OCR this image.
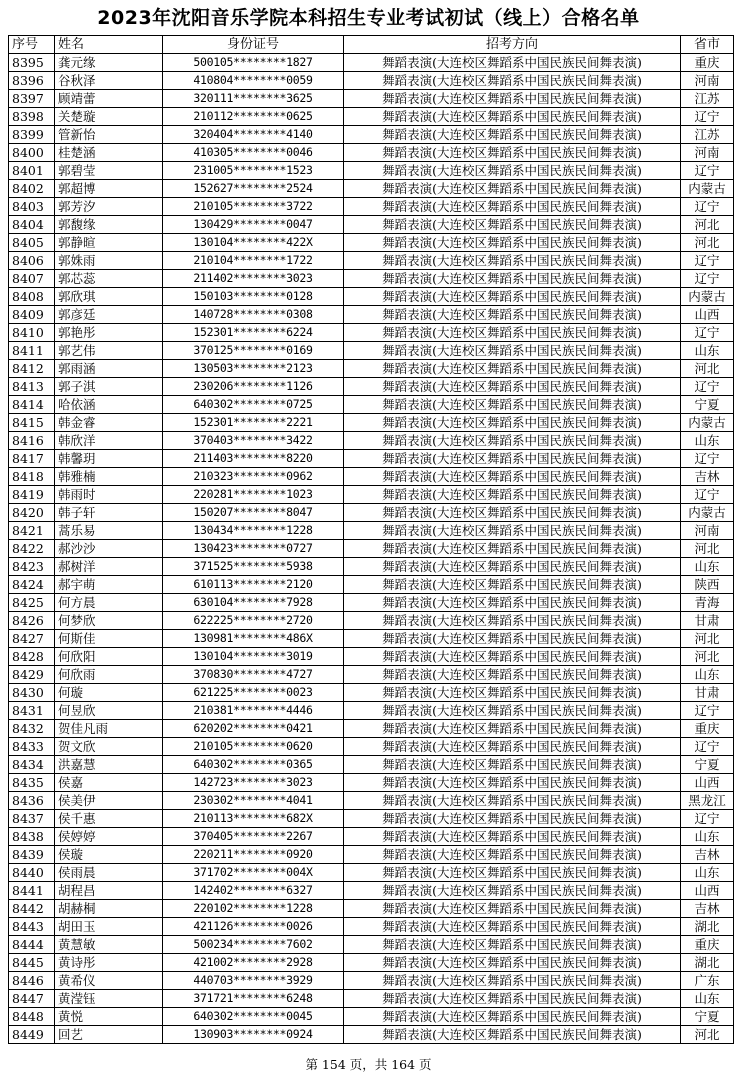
2023年沈阳音乐学院本科招生专业考试初试（线上）合格名单
序号	姓名	身份证号	招考方向	省市
8395	龚元缘	500105********1827	舞蹈表演(大连校区舞蹈系中国民族民间舞表演)	重庆
8396	谷秋泽	410804********0059	舞蹈表演(大连校区舞蹈系中国民族民间舞表演)	河南
8397	顾靖蕾	320111********3625	舞蹈表演(大连校区舞蹈系中国民族民间舞表演)	江苏
8398	关楚璇	210112********0625	舞蹈表演(大连校区舞蹈系中国民族民间舞表演)	辽宁
8399	管新怡	320404********4140	舞蹈表演(大连校区舞蹈系中国民族民间舞表演)	江苏
8400	桂楚涵	410305********0046	舞蹈表演(大连校区舞蹈系中国民族民间舞表演)	河南
8401	郭碧莹	231005********1523	舞蹈表演(大连校区舞蹈系中国民族民间舞表演)	辽宁
8402	郭超博	152627********2524	舞蹈表演(大连校区舞蹈系中国民族民间舞表演)	内蒙古
8403	郭芳汐	210105********3722	舞蹈表演(大连校区舞蹈系中国民族民间舞表演)	辽宁
8404	郭馥缘	130429********0047	舞蹈表演(大连校区舞蹈系中国民族民间舞表演)	河北
8405	郭静暄	130104********422X	舞蹈表演(大连校区舞蹈系中国民族民间舞表演)	河北
8406	郭姝雨	210104********1722	舞蹈表演(大连校区舞蹈系中国民族民间舞表演)	辽宁
8407	郭芯蕊	211402********3023	舞蹈表演(大连校区舞蹈系中国民族民间舞表演)	辽宁
8408	郭欣琪	150103********0128	舞蹈表演(大连校区舞蹈系中国民族民间舞表演)	内蒙古
8409	郭彦廷	140728********0308	舞蹈表演(大连校区舞蹈系中国民族民间舞表演)	山西
8410	郭艳彤	152301********6224	舞蹈表演(大连校区舞蹈系中国民族民间舞表演)	辽宁
8411	郭艺伟	370125********0169	舞蹈表演(大连校区舞蹈系中国民族民间舞表演)	山东
8412	郭雨涵	130503********2123	舞蹈表演(大连校区舞蹈系中国民族民间舞表演)	河北
8413	郭子淇	230206********1126	舞蹈表演(大连校区舞蹈系中国民族民间舞表演)	辽宁
8414	哈依涵	640302********0725	舞蹈表演(大连校区舞蹈系中国民族民间舞表演)	宁夏
8415	韩金睿	152301********2221	舞蹈表演(大连校区舞蹈系中国民族民间舞表演)	内蒙古
8416	韩欣洋	370403********3422	舞蹈表演(大连校区舞蹈系中国民族民间舞表演)	山东
8417	韩馨玥	211403********8220	舞蹈表演(大连校区舞蹈系中国民族民间舞表演)	辽宁
8418	韩雅楠	210323********0962	舞蹈表演(大连校区舞蹈系中国民族民间舞表演)	吉林
8419	韩雨时	220281********1023	舞蹈表演(大连校区舞蹈系中国民族民间舞表演)	辽宁
8420	韩子轩	150207********8047	舞蹈表演(大连校区舞蹈系中国民族民间舞表演)	内蒙古
8421	蒿乐易	130434********1228	舞蹈表演(大连校区舞蹈系中国民族民间舞表演)	河南
8422	郝沙沙	130423********0727	舞蹈表演(大连校区舞蹈系中国民族民间舞表演)	河北
8423	郝树洋	371525********5938	舞蹈表演(大连校区舞蹈系中国民族民间舞表演)	山东
8424	郝宇萌	610113********2120	舞蹈表演(大连校区舞蹈系中国民族民间舞表演)	陕西
8425	何方晨	630104********7928	舞蹈表演(大连校区舞蹈系中国民族民间舞表演)	青海
8426	何梦欣	622225********2720	舞蹈表演(大连校区舞蹈系中国民族民间舞表演)	甘肃
8427	何斯佳	130981********486X	舞蹈表演(大连校区舞蹈系中国民族民间舞表演)	河北
8428	何欣阳	130104********3019	舞蹈表演(大连校区舞蹈系中国民族民间舞表演)	河北
8429	何欣雨	370830********4727	舞蹈表演(大连校区舞蹈系中国民族民间舞表演)	山东
8430	何璇	621225********0023	舞蹈表演(大连校区舞蹈系中国民族民间舞表演)	甘肃
8431	何昱欣	210381********4446	舞蹈表演(大连校区舞蹈系中国民族民间舞表演)	辽宁
8432	贺佳凡雨	620202********0421	舞蹈表演(大连校区舞蹈系中国民族民间舞表演)	重庆
8433	贺文欣	210105********0620	舞蹈表演(大连校区舞蹈系中国民族民间舞表演)	辽宁
8434	洪嘉慧	640302********0365	舞蹈表演(大连校区舞蹈系中国民族民间舞表演)	宁夏
8435	侯嘉	142723********3023	舞蹈表演(大连校区舞蹈系中国民族民间舞表演)	山西
8436	侯美伊	230302********4041	舞蹈表演(大连校区舞蹈系中国民族民间舞表演)	黑龙江
8437	侯千惠	210113********682X	舞蹈表演(大连校区舞蹈系中国民族民间舞表演)	辽宁
8438	侯婷婷	370405********2267	舞蹈表演(大连校区舞蹈系中国民族民间舞表演)	山东
8439	侯璇	220211********0920	舞蹈表演(大连校区舞蹈系中国民族民间舞表演)	吉林
8440	侯雨晨	371702********004X	舞蹈表演(大连校区舞蹈系中国民族民间舞表演)	山东
8441	胡程昌	142402********6327	舞蹈表演(大连校区舞蹈系中国民族民间舞表演)	山西
8442	胡赫桐	220102********1228	舞蹈表演(大连校区舞蹈系中国民族民间舞表演)	吉林
8443	胡田玉	421126********0026	舞蹈表演(大连校区舞蹈系中国民族民间舞表演)	湖北
8444	黄慧敏	500234********7602	舞蹈表演(大连校区舞蹈系中国民族民间舞表演)	重庆
8445	黄诗彤	421002********2928	舞蹈表演(大连校区舞蹈系中国民族民间舞表演)	湖北
8446	黄希仪	440703********3929	舞蹈表演(大连校区舞蹈系中国民族民间舞表演)	广东
8447	黄滢钰	371721********6248	舞蹈表演(大连校区舞蹈系中国民族民间舞表演)	山东
8448	黄悦	640302********0045	舞蹈表演(大连校区舞蹈系中国民族民间舞表演)	宁夏
8449	回艺	130903********0924	舞蹈表演(大连校区舞蹈系中国民族民间舞表演)	河北
第 154 页，共 164 页
